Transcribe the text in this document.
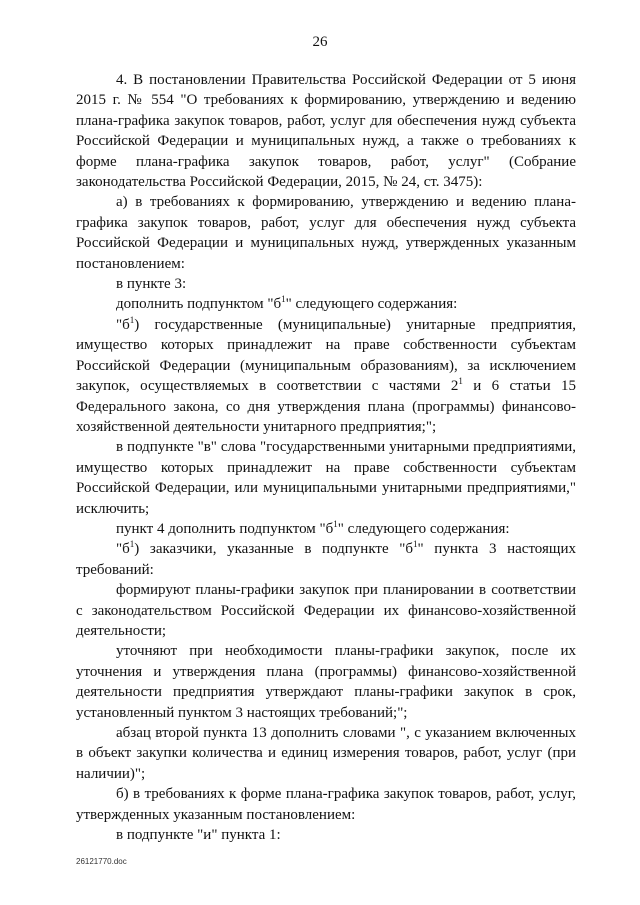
26

4. В постановлении Правительства Российской Федерации от 5 июня 2015 г. № 554 "О требованиях к формированию, утверждению и ведению плана-графика закупок товаров, работ, услуг для обеспечения нужд субъекта Российской Федерации и муниципальных нужд, а также о требованиях к форме плана-графика закупок товаров, работ, услуг" (Собрание законодательства Российской Федерации, 2015, № 24, ст. 3475):

а) в требованиях к формированию, утверждению и ведению плана-графика закупок товаров, работ, услуг для обеспечения нужд субъекта Российской Федерации и муниципальных нужд, утвержденных указанным постановлением:

в пункте 3:

дополнить подпунктом "$б^1$" следующего содержания:

"$б^1$) государственные (муниципальные) унитарные предприятия, имущество которых принадлежит на праве собственности субъектам Российской Федерации (муниципальным образованиям), за исключением закупок, осуществляемых в соответствии с частями $2^1$ и 6 статьи 15 Федерального закона, со дня утверждения плана (программы) финансово-хозяйственной деятельности унитарного предприятия;";

в подпункте "в" слова "государственными унитарными предприятиями, имущество которых принадлежит на праве собственности субъектам Российской Федерации, или муниципальными унитарными предприятиями," исключить;

пункт 4 дополнить подпунктом "$б^1$" следующего содержания:

"$б^1$) заказчики, указанные в подпункте "$б^1$" пункта 3 настоящих требований:

формируют планы-графики закупок при планировании в соответствии с законодательством Российской Федерации их финансово-хозяйственной деятельности;

уточняют при необходимости планы-графики закупок, после их уточнения и утверждения плана (программы) финансово-хозяйственной деятельности предприятия утверждают планы-графики закупок в срок, установленный пунктом 3 настоящих требований;";

абзац второй пункта 13 дополнить словами ", с указанием включенных в объект закупки количества и единиц измерения товаров, работ, услуг (при наличии)";

б) в требованиях к форме плана-графика закупок товаров, работ, услуг, утвержденных указанным постановлением:

в подпункте "и" пункта 1:

26121770.doc
